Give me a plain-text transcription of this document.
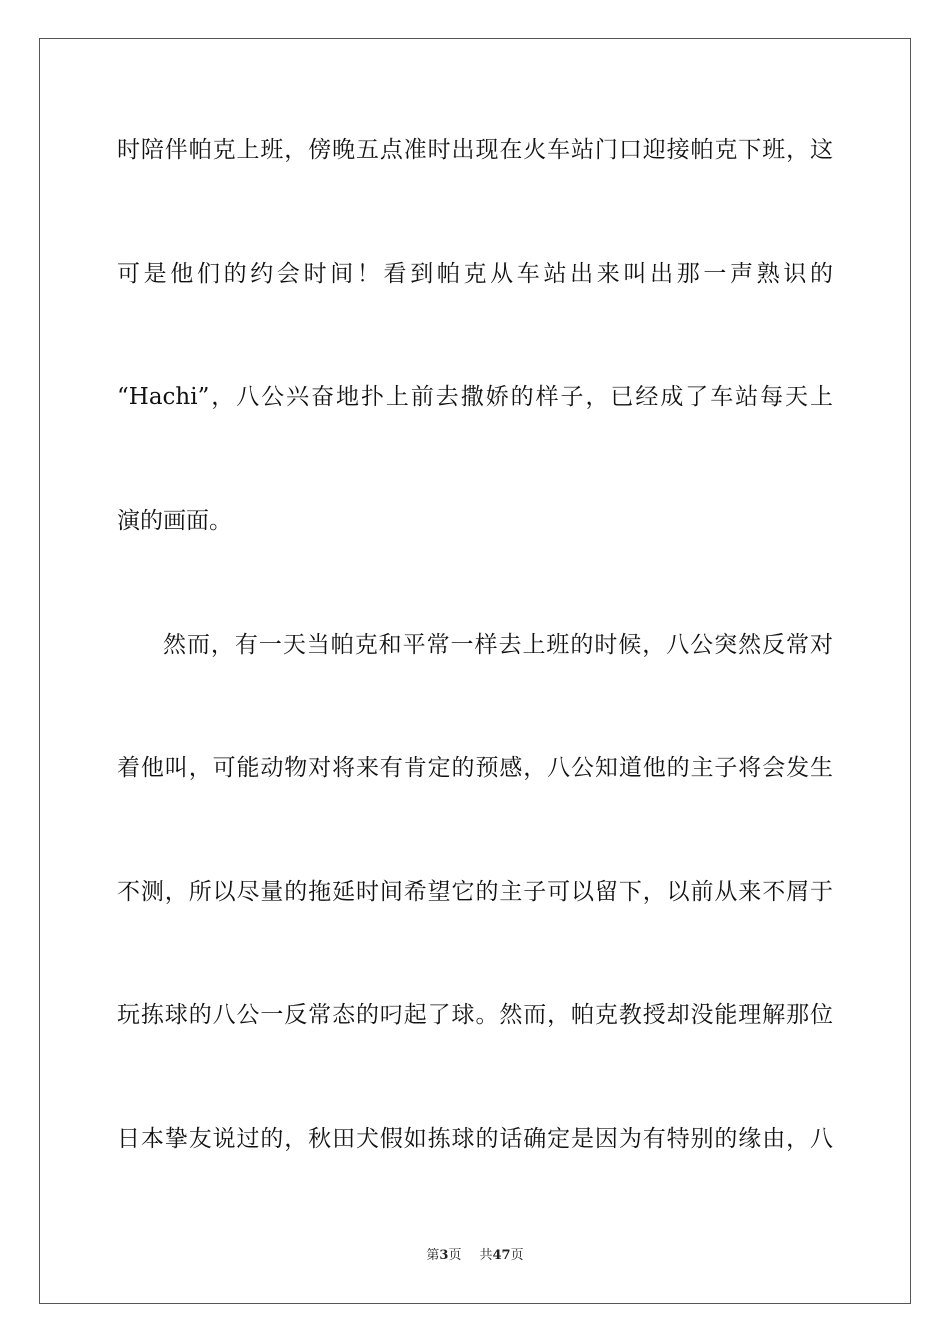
时陪伴帕克上班，傍晚五点准时出现在火车站门口迎接帕克下班，这
可是他们的约会时间！看到帕克从车站出来叫出那一声熟识的
“Hachi”，八公兴奋地扑上前去撒娇的样子，已经成了车站每天上
演的画面。
然而，有一天当帕克和平常一样去上班的时候，八公突然反常对
着他叫，可能动物对将来有肯定的预感，八公知道他的主子将会发生
不测，所以尽量的拖延时间希望它的主子可以留下，以前从来不屑于
玩拣球的八公一反常态的叼起了球。然而，帕克教授却没能理解那位
日本挚友说过的，秋田犬假如拣球的话确定是因为有特别的缘由，八
第3页 共47页
